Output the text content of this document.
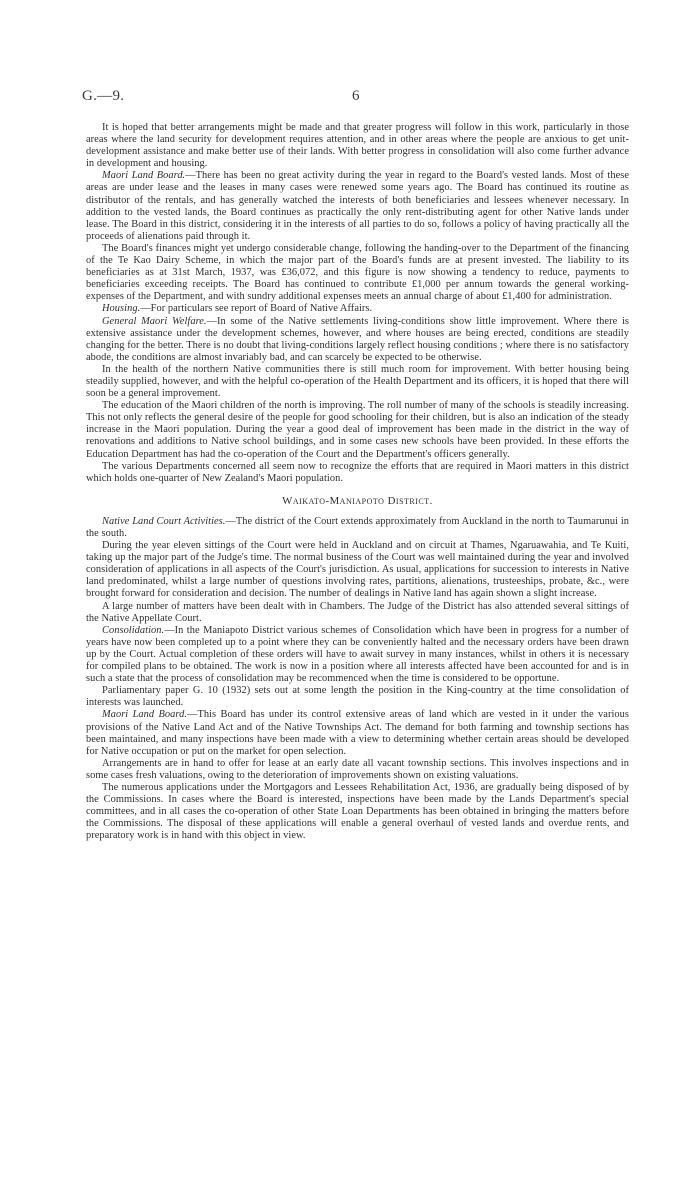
G.—9.	6

It is hoped that better arrangements might be made and that greater progress will follow in this work, particularly in those areas where the land security for development requires attention, and in other areas where the people are anxious to get unit-development assistance and make better use of their lands. With better progress in consolidation will also come further advance in development and housing.

Maori Land Board.—There has been no great activity during the year in regard to the Board's vested lands. Most of these areas are under lease and the leases in many cases were renewed some years ago. The Board has continued its routine as distributor of the rentals, and has generally watched the interests of both beneficiaries and lessees whenever necessary. In addition to the vested lands, the Board continues as practically the only rent-distributing agent for other Native lands under lease. The Board in this district, considering it in the interests of all parties to do so, follows a policy of having practically all the proceeds of alienations paid through it.

The Board's finances might yet undergo considerable change, following the handing-over to the Department of the financing of the Te Kao Dairy Scheme, in which the major part of the Board's funds are at present invested. The liability to its beneficiaries as at 31st March, 1937, was £36,072, and this figure is now showing a tendency to reduce, payments to beneficiaries exceeding receipts. The Board has continued to contribute £1,000 per annum towards the general working-expenses of the Department, and with sundry additional expenses meets an annual charge of about £1,400 for administration.

Housing.—For particulars see report of Board of Native Affairs.

General Maori Welfare.—In some of the Native settlements living-conditions show little improvement. Where there is extensive assistance under the development schemes, however, and where houses are being erected, conditions are steadily changing for the better. There is no doubt that living-conditions largely reflect housing conditions ; where there is no satisfactory abode, the conditions are almost invariably bad, and can scarcely be expected to be otherwise.

In the health of the northern Native communities there is still much room for improvement. With better housing being steadily supplied, however, and with the helpful co-operation of the Health Department and its officers, it is hoped that there will soon be a general improvement.

The education of the Maori children of the north is improving. The roll number of many of the schools is steadily increasing. This not only reflects the general desire of the people for good schooling for their children, but is also an indication of the steady increase in the Maori population. During the year a good deal of improvement has been made in the district in the way of renovations and additions to Native school buildings, and in some cases new schools have been provided. In these efforts the Education Department has had the co-operation of the Court and the Department's officers generally.

The various Departments concerned all seem now to recognize the efforts that are required in Maori matters in this district which holds one-quarter of New Zealand's Maori population.

Waikato-Maniapoto District.

Native Land Court Activities.—The district of the Court extends approximately from Auckland in the north to Taumarunui in the south.

During the year eleven sittings of the Court were held in Auckland and on circuit at Thames, Ngaruawahia, and Te Kuiti, taking up the major part of the Judge's time. The normal business of the Court was well maintained during the year and involved consideration of applications in all aspects of the Court's jurisdiction. As usual, applications for succession to interests in Native land predominated, whilst a large number of questions involving rates, partitions, alienations, trusteeships, probate, &c., were brought forward for consideration and decision. The number of dealings in Native land has again shown a slight increase.

A large number of matters have been dealt with in Chambers. The Judge of the District has also attended several sittings of the Native Appellate Court.

Consolidation.—In the Maniapoto District various schemes of Consolidation which have been in progress for a number of years have now been completed up to a point where they can be conveniently halted and the necessary orders have been drawn up by the Court. Actual completion of these orders will have to await survey in many instances, whilst in others it is necessary for compiled plans to be obtained. The work is now in a position where all interests affected have been accounted for and is in such a state that the process of consolidation may be recommenced when the time is considered to be opportune.

Parliamentary paper G. 10 (1932) sets out at some length the position in the King-country at the time consolidation of interests was launched.

Maori Land Board.—This Board has under its control extensive areas of land which are vested in it under the various provisions of the Native Land Act and of the Native Townships Act. The demand for both farming and township sections has been maintained, and many inspections have been made with a view to determining whether certain areas should be developed for Native occupation or put on the market for open selection.

Arrangements are in hand to offer for lease at an early date all vacant township sections. This involves inspections and in some cases fresh valuations, owing to the deterioration of improvements shown on existing valuations.

The numerous applications under the Mortgagors and Lessees Rehabilitation Act, 1936, are gradually being disposed of by the Commissions. In cases where the Board is interested, inspections have been made by the Lands Department's special committees, and in all cases the co-operation of other State Loan Departments has been obtained in bringing the matters before the Commissions. The disposal of these applications will enable a general overhaul of vested lands and overdue rents, and preparatory work is in hand with this object in view.
